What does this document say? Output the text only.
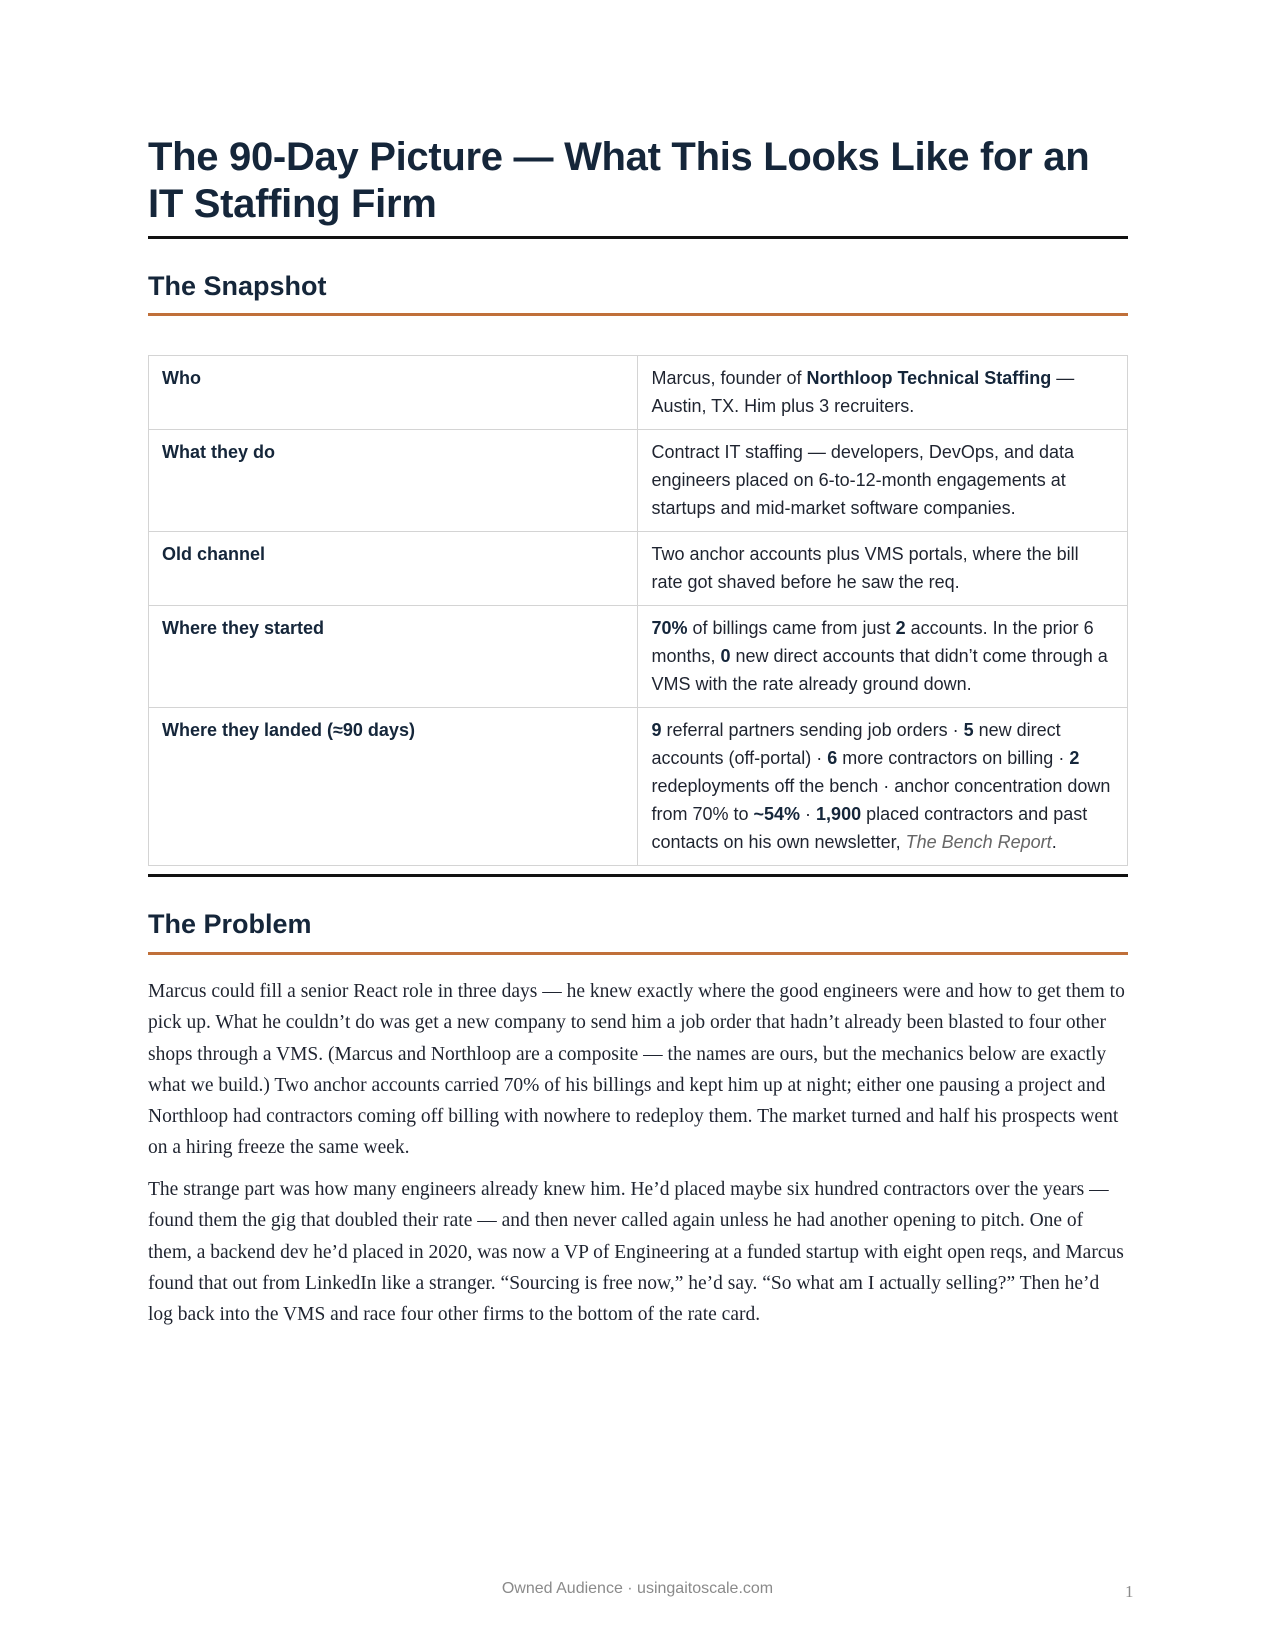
The 90-Day Picture — What This Looks Like for an IT Staffing Firm
The Snapshot
Who	Marcus, founder of Northloop Technical Staffing — Austin, TX. Him plus 3 recruiters.
What they do	Contract IT staffing — developers, DevOps, and data engineers placed on 6-to-12-month engagements at startups and mid-market software companies.
Old channel	Two anchor accounts plus VMS portals, where the bill rate got shaved before he saw the req.
Where they started	70% of billings came from just 2 accounts. In the prior 6 months, 0 new direct accounts that didn’t come through a VMS with the rate already ground down.
Where they landed (≈90 days)	9 referral partners sending job orders · 5 new direct accounts (off-portal) · 6 more contractors on billing · 2 redeployments off the bench · anchor concentration down from 70% to ~54% · 1,900 placed contractors and past contacts on his own newsletter, The Bench Report.
The Problem

Marcus could fill a senior React role in three days — he knew exactly where the good engineers were and how to get them to pick up. What he couldn’t do was get a new company to send him a job order that hadn’t already been blasted to four other shops through a VMS. (Marcus and Northloop are a composite — the names are ours, but the mechanics below are exactly what we build.) Two anchor accounts carried 70% of his billings and kept him up at night; either one pausing a project and Northloop had contractors coming off billing with nowhere to redeploy them. The market turned and half his prospects went on a hiring freeze the same week.

The strange part was how many engineers already knew him. He’d placed maybe six hundred contractors over the years — found them the gig that doubled their rate — and then never called again unless he had another opening to pitch. One of them, a backend dev he’d placed in 2020, was now a VP of Engineering at a funded startup with eight open reqs, and Marcus found that out from LinkedIn like a stranger. “Sourcing is free now,” he’d say. “So what am I actually selling?” Then he’d log back into the VMS and race four other firms to the bottom of the rate card.

Owned Audience · usingaitoscale.com	1
